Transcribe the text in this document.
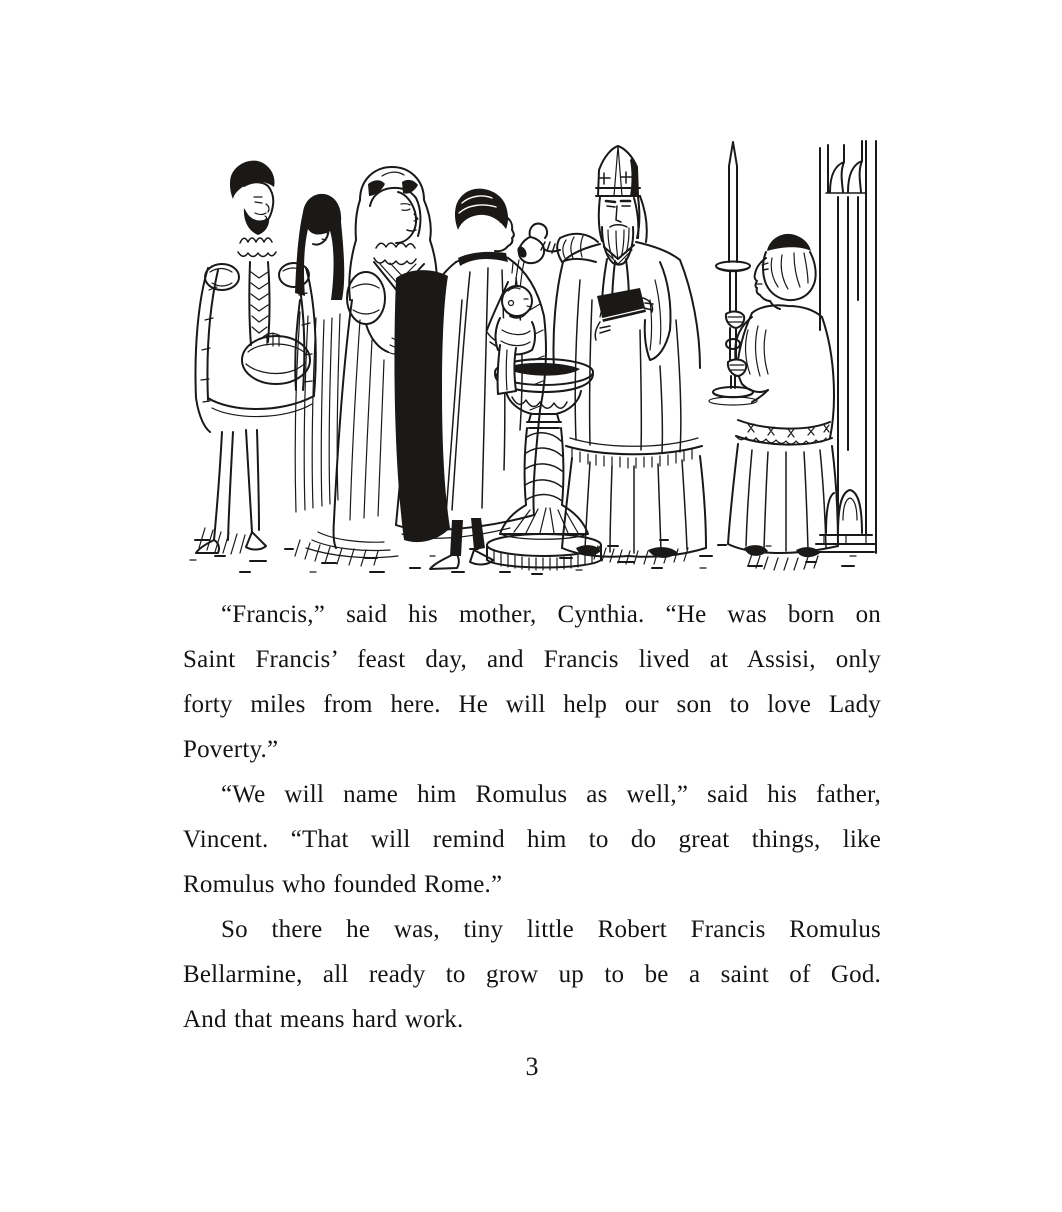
“Francis,” said his mother, Cynthia. “He was born on
Saint Francis’ feast day, and Francis lived at Assisi, only
forty miles from here. He will help our son to love Lady
Poverty.”
“We will name him Romulus as well,” said his father,
Vincent. “That will remind him to do great things, like
Romulus who founded Rome.”
So there he was, tiny little Robert Francis Romulus
Bellarmine, all ready to grow up to be a saint of God.
And that means hard work.
3
